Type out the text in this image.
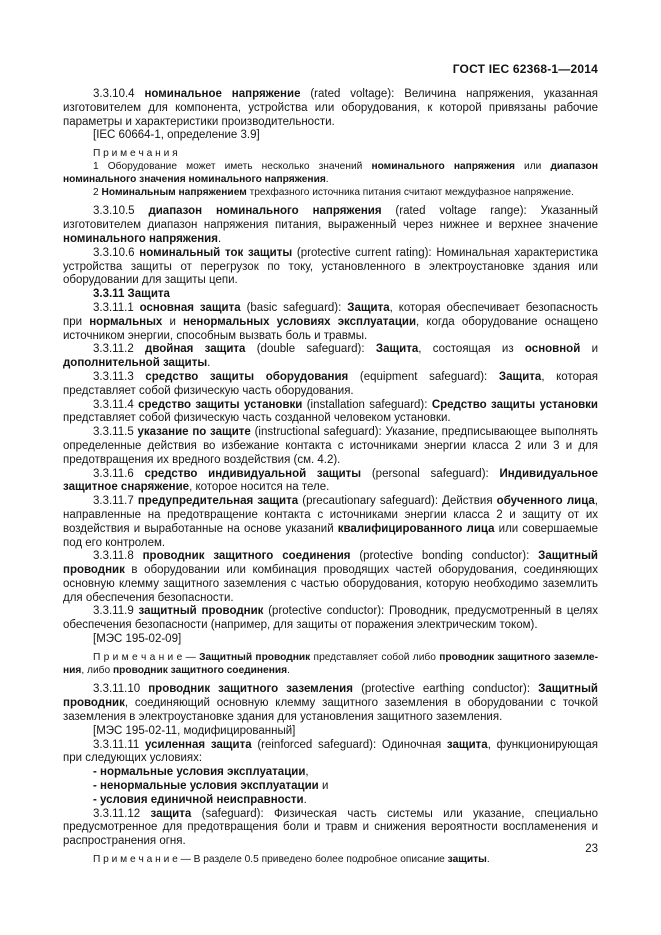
ГОСТ IEC 62368-1—2014

3.3.10.4 номинальное напряжение (rated voltage): Величина напряжения, указанная изготовителем для компонента, устройства или оборудования, к которой привязаны рабочие параметры и характеристики производительности.

[IEC 60664-1, определение 3.9]

П р и м е ч а н и я

1 Оборудование может иметь несколько значений номинального напряжения или диапазон номинального значения номинального напряжения.

2 Номинальным напряжением трехфазного источника питания считают междуфазное напряжение.

3.3.10.5 диапазон номинального напряжения (rated voltage range): Указанный изготовителем диапазон напряжения питания, выраженный через нижнее и верхнее значение номинального напряжения.

3.3.10.6 номинальный ток защиты (protective current rating): Номинальная характеристика устройства защиты от перегрузок по току, установленного в электроустановке здания или оборудовании для защиты цепи.

3.3.11 Защита

3.3.11.1 основная защита (basic safeguard): Защита, которая обеспечивает безопасность при нормальных и ненормальных условиях эксплуатации, когда оборудование оснащено источником энергии, способным вызвать боль и травмы.

3.3.11.2 двойная защита (double safeguard): Защита, состоящая из основной и дополнительной защиты.

3.3.11.3 средство защиты оборудования (equipment safeguard): Защита, которая представляет собой физическую часть оборудования.

3.3.11.4 средство защиты установки (installation safeguard): Средство защиты установки представляет собой физическую часть созданной человеком установки.

3.3.11.5 указание по защите (instructional safeguard): Указание, предписывающее выполнять определенные действия во избежание контакта с источниками энергии класса 2 или 3 и для предотвращения их вредного воздействия (см. 4.2).

3.3.11.6 средство индивидуальной защиты (personal safeguard): Индивидуальное защитное снаряжение, которое носится на теле.

3.3.11.7 предупредительная защита (precautionary safeguard): Действия обученного лица, направленные на предотвращение контакта с источниками энергии класса 2 и защиту от их воздействия и выработанные на основе указаний квалифицированного лица или совершаемые под его контролем.

3.3.11.8 проводник защитного соединения (protective bonding conductor): Защитный проводник в оборудовании или комбинация проводящих частей оборудования, соединяющих основную клемму защитного заземления с частью оборудования, которую необходимо заземлить для обеспечения безопасности.

3.3.11.9 защитный проводник (protective conductor): Проводник, предусмотренный в целях обеспечения безопасности (например, для защиты от поражения электрическим током).

[МЭС 195-02-09]

П р и м е ч а н и е — Защитный проводник представляет собой либо проводник защитного заземления, либо проводник защитного соединения.

3.3.11.10 проводник защитного заземления (protective earthing conductor): Защитный проводник, соединяющий основную клемму защитного заземления в оборудовании с точкой заземления в электроустановке здания для установления защитного заземления.

[МЭС 195-02-11, модифицированный]

3.3.11.11 усиленная защита (reinforced safeguard): Одиночная защита, функционирующая при следующих условиях:

- нормальные условия эксплуатации,

- ненормальные условия эксплуатации и

- условия единичной неисправности.

3.3.11.12 защита (safeguard): Физическая часть системы или указание, специально предусмотренное для предотвращения боли и травм и снижения вероятности воспламенения и распространения огня.

П р и м е ч а н и е — В разделе 0.5 приведено более подробное описание защиты.

23
